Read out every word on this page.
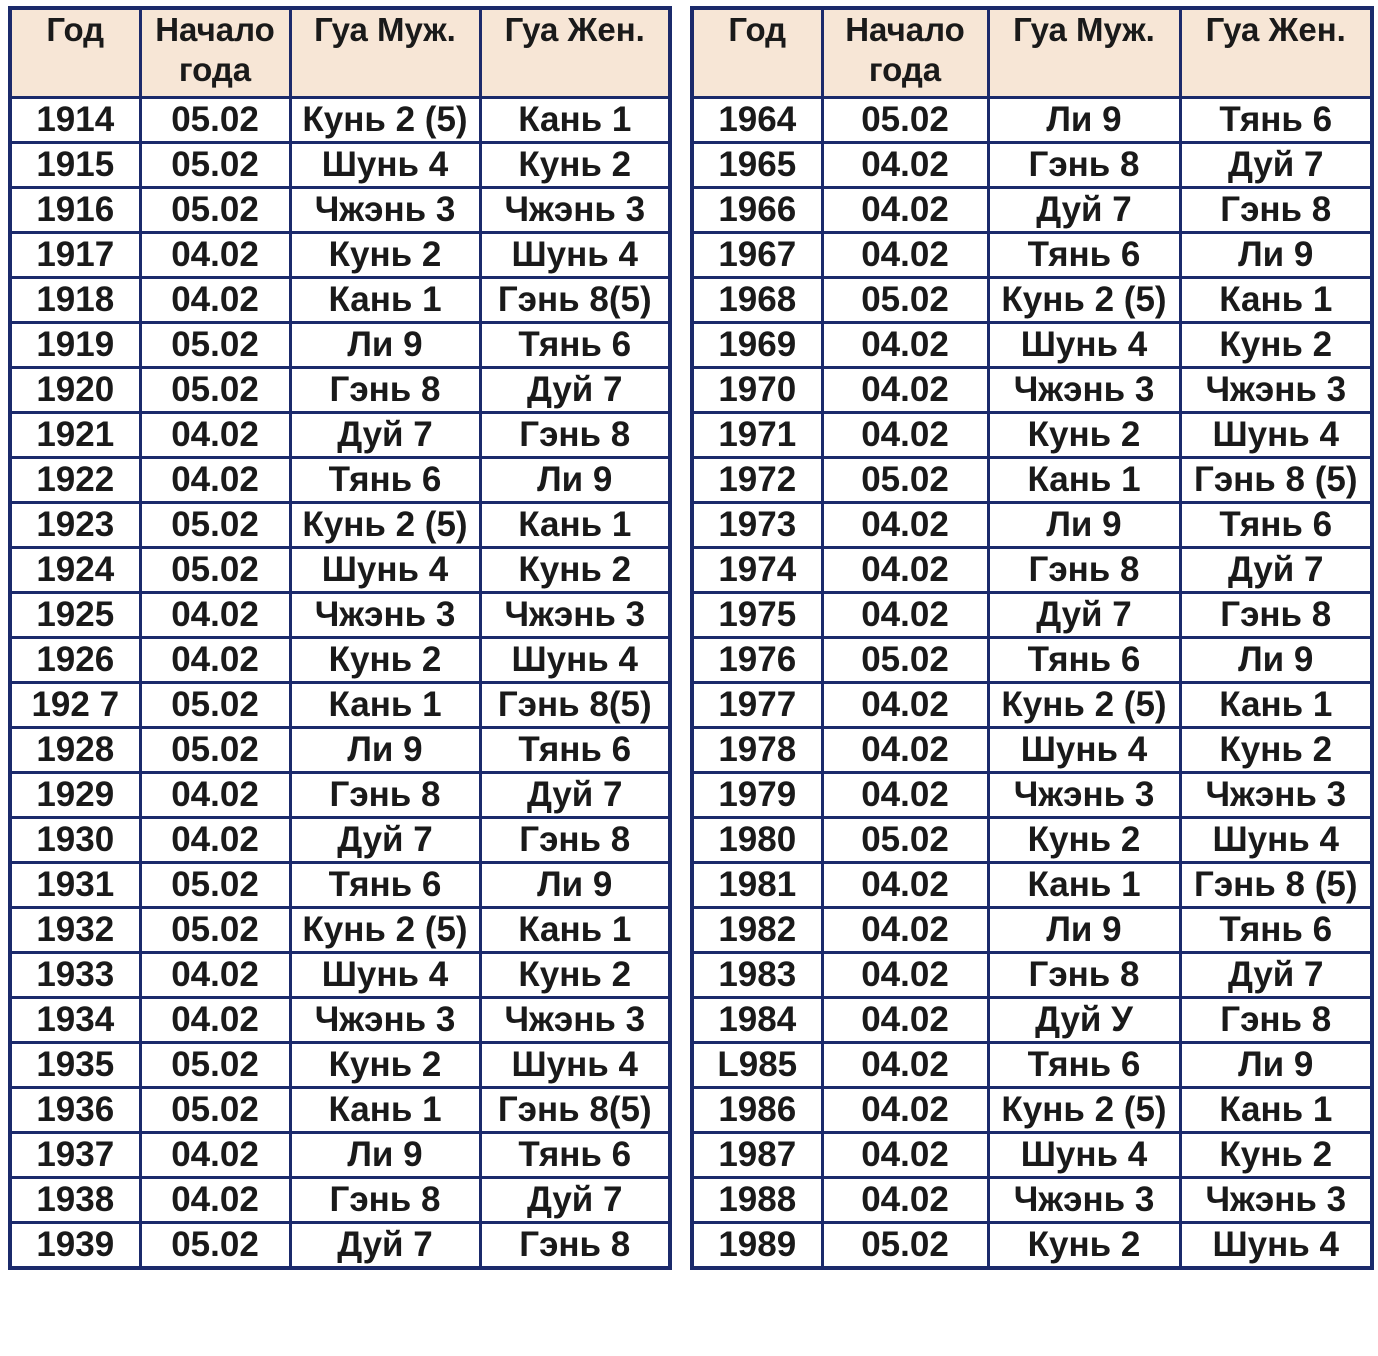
Год	Начало года	Гуа Муж.	Гуа Жен.
1914	05.02	Кунь 2 (5)	Кань 1
1915	05.02	Шунь 4	Кунь 2
1916	05.02	Чжэнь 3	Чжэнь 3
1917	04.02	Кунь 2	Шунь 4
1918	04.02	Кань 1	Гэнь 8(5)
1919	05.02	Ли 9	Тянь 6
1920	05.02	Гэнь 8	Дуй 7
1921	04.02	Дуй 7	Гэнь 8
1922	04.02	Тянь 6	Ли 9
1923	05.02	Кунь 2 (5)	Кань 1
1924	05.02	Шунь 4	Кунь 2
1925	04.02	Чжэнь 3	Чжэнь 3
1926	04.02	Кунь 2	Шунь 4
192 7	05.02	Кань 1	Гэнь 8(5)
1928	05.02	Ли 9	Тянь 6
1929	04.02	Гэнь 8	Дуй 7
1930	04.02	Дуй 7	Гэнь 8
1931	05.02	Тянь 6	Ли 9
1932	05.02	Кунь 2 (5)	Кань 1
1933	04.02	Шунь 4	Кунь 2
1934	04.02	Чжэнь 3	Чжэнь 3
1935	05.02	Кунь 2	Шунь 4
1936	05.02	Кань 1	Гэнь 8(5)
1937	04.02	Ли 9	Тянь 6
1938	04.02	Гэнь 8	Дуй 7
1939	05.02	Дуй 7	Гэнь 8
Год	Начало года	Гуа Муж.	Гуа Жен.
1964	05.02	Ли 9	Тянь 6
1965	04.02	Гэнь 8	Дуй 7
1966	04.02	Дуй 7	Гэнь 8
1967	04.02	Тянь 6	Ли 9
1968	05.02	Кунь 2 (5)	Кань 1
1969	04.02	Шунь 4	Кунь 2
1970	04.02	Чжэнь 3	Чжэнь 3
1971	04.02	Кунь 2	Шунь 4
1972	05.02	Кань 1	Гэнь 8 (5)
1973	04.02	Ли 9	Тянь 6
1974	04.02	Гэнь 8	Дуй 7
1975	04.02	Дуй 7	Гэнь 8
1976	05.02	Тянь 6	Ли 9
1977	04.02	Кунь 2 (5)	Кань 1
1978	04.02	Шунь 4	Кунь 2
1979	04.02	Чжэнь 3	Чжэнь 3
1980	05.02	Кунь 2	Шунь 4
1981	04.02	Кань 1	Гэнь 8 (5)
1982	04.02	Ли 9	Тянь 6
1983	04.02	Гэнь 8	Дуй 7
1984	04.02	Дуй У	Гэнь 8
L985	04.02	Тянь 6	Ли 9
1986	04.02	Кунь 2 (5)	Кань 1
1987	04.02	Шунь 4	Кунь 2
1988	04.02	Чжэнь 3	Чжэнь 3
1989	05.02	Кунь 2	Шунь 4
